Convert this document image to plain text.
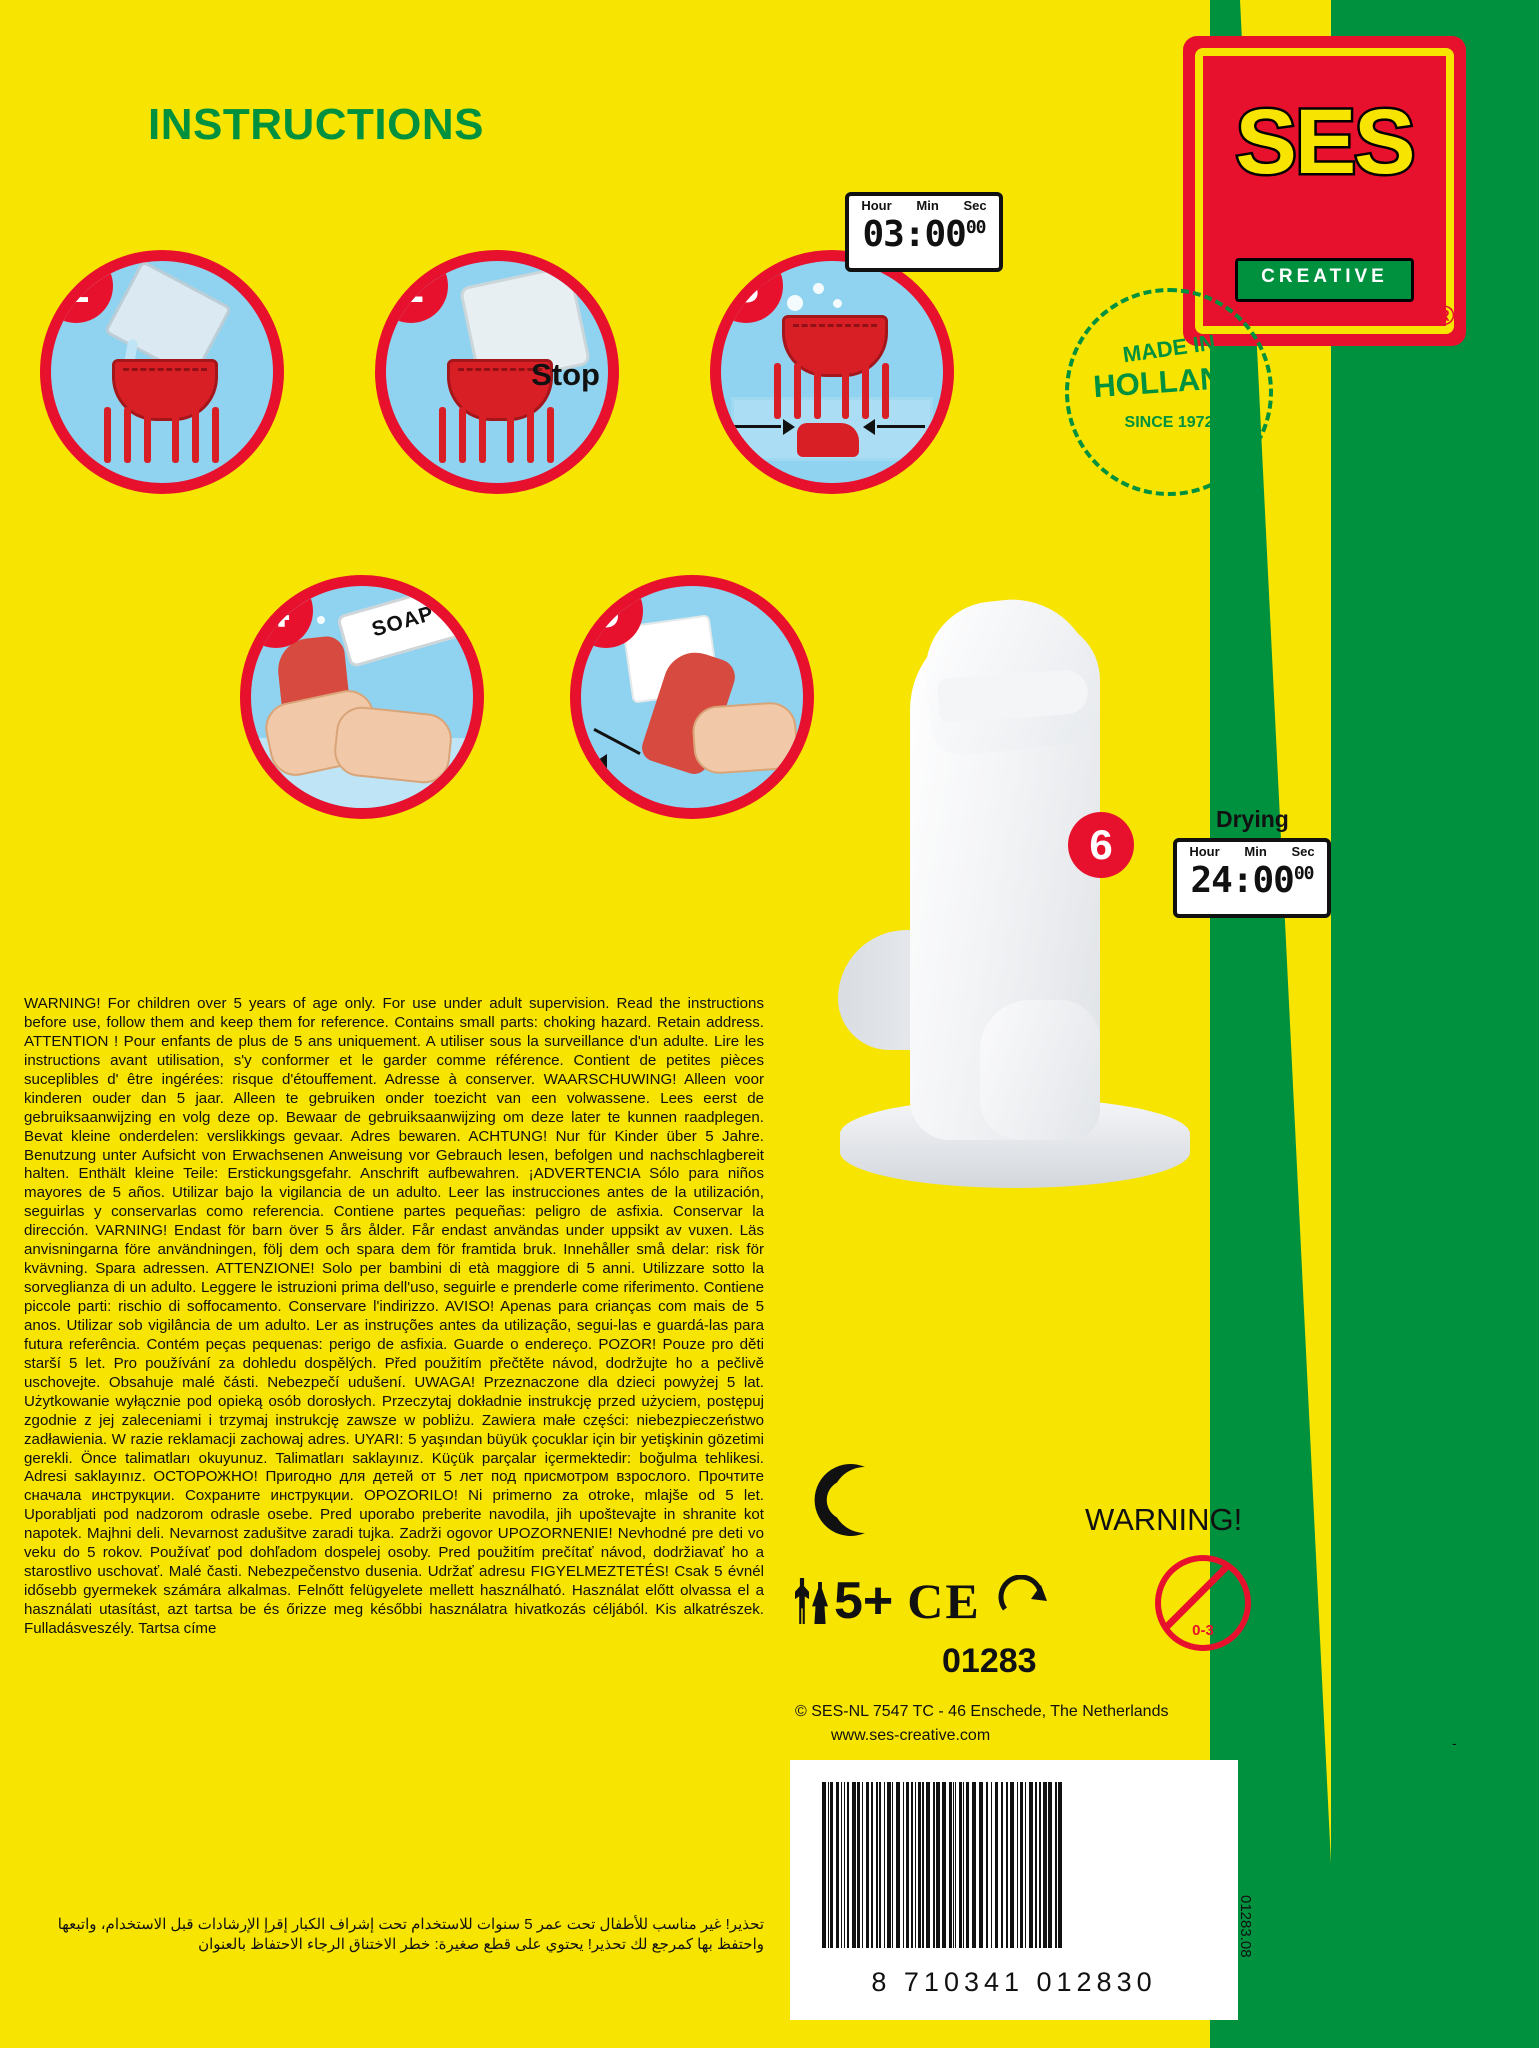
INSTRUCTIONS	SES
CREATIVE
®
MADE IN
HOLLAND
SINCE 1972
1	2
Stop
3
4	SOAP	5
Hour Min Sec
$03:00^{00}$
6
Drying
Hour Min Sec
$24:00^{00}$
WARNING! For children over 5 years of age only. For use under adult supervision. Read the instructions before use, follow them and keep them for reference. Contains small parts: choking hazard. Retain address. ATTENTION ! Pour enfants de plus de 5 ans uniquement. A utiliser sous la surveillance d'un adulte. Lire les instructions avant utilisation, s'y conformer et le garder comme référence. Contient de petites pièces suceplibles d' être ingérées: risque d'étouffement. Adresse à conserver. WAARSCHUWING! Alleen voor kinderen ouder dan 5 jaar. Alleen te gebruiken onder toezicht van een volwassene. Lees eerst de gebruiksaanwijzing en volg deze op. Bewaar de gebruiksaanwijzing om deze later te kunnen raadplegen. Bevat kleine onderdelen: verslikkings gevaar. Adres bewaren. ACHTUNG! Nur für Kinder über 5 Jahre. Benutzung unter Aufsicht von Erwachsenen Anweisung vor Gebrauch lesen, befolgen und nachschlagbereit halten. Enthält kleine Teile: Erstickungsgefahr. Anschrift aufbewahren. ¡ADVERTENCIA Sólo para niños mayores de 5 años. Utilizar bajo la vigilancia de un adulto. Leer las instrucciones antes de la utilización, seguirlas y conservarlas como referencia. Contiene partes pequeñas: peligro de asfixia. Conservar la dirección. VARNING! Endast för barn över 5 års ålder. Får endast användas under uppsikt av vuxen. Läs anvisningarna före användningen, följ dem och spara dem för framtida bruk. Innehåller små delar: risk för kvävning. Spara adressen. ATTENZIONE! Solo per bambini di età maggiore di 5 anni. Utilizzare sotto la sorveglianza di un adulto. Leggere le istruzioni prima dell'uso, seguirle e prenderle come riferimento. Contiene piccole parti: rischio di soffocamento. Conservare l'indirizzo. AVISO! Apenas para crianças com mais de 5 anos. Utilizar sob vigilância de um adulto. Ler as instruções antes da utilização, segui-las e guardá-las para futura referência. Contém peças pequenas: perigo de asfixia. Guarde o endereço. POZOR! Pouze pro děti starší 5 let. Pro používání za dohledu dospělých. Před použitím přečtěte návod, dodržujte ho a pečlivě uschovejte. Obsahuje malé části. Nebezpečí udušení. UWAGA! Przeznaczone dla dzieci powyżej 5 lat. Użytkowanie wyłącznie pod opieką osób dorosłych. Przeczytaj dokładnie instrukcję przed użyciem, postępuj zgodnie z jej zaleceniami i trzymaj instrukcję zawsze w pobliżu. Zawiera małe części: niebezpieczeństwo zadławienia. W razie reklamacji zachowaj adres. UYARI: 5 yaşından büyük çocuklar için bir yetişkinin gözetimi gerekli. Önce talimatları okuyunuz. Talimatları saklayınız. Küçük parçalar içermektedir: boğulma tehlikesi. Adresi saklayınız. ОСТОРОЖНО! Пригодно для детей от 5 лет под присмотром взрослого. Прочтите сначала инструкции. Сохраните инструкции. OPOZORILO! Ni primerno za otroke, mlajše od 5 let. Uporabljati pod nadzorom odrasle osebe. Pred uporabo preberite navodila, jih upoštevajte in shranite kot napotek. Majhni deli. Nevarnost zadušitve zaradi tujka. Zadrži ogovor UPOZORNENIE! Nevhodné pre deti vo veku do 5 rokov. Používať pod dohľadom dospelej osoby. Pred použitím prečítať návod, dodržiavať ho a starostlivo uschovať. Malé časti. Nebezpečenstvo dusenia. Udržať adresu FIGYELMEZTETÉS! Csak 5 évnél idősebb gyermekek számára alkalmas. Felnőtt felügyelete mellett használható. Használat előtt olvassa el a használati utasítást, azt tartsa be és őrizze meg későbbi használatra hivatkozás céljából. Kis alkatrészek. Fulladásveszély. Tartsa címe
تحذير! غير مناسب للأطفال تحت عمر 5 سنوات للاستخدام تحت إشراف الكبار إقرإ الإرشادات قبل الاستخدام، واتبعها واحتفظ بها كمرجع لك تحذير! يحتوي على قطع صغيرة: خطر الاختناق الرجاء الاحتفاظ بالعنوان
5+ CE
WARNING!
0-3
01283
© SES-NL 7547 TC - 46 Enschede, The Netherlands
www.ses-creative.com
8 710341 012830
01283.08
-
